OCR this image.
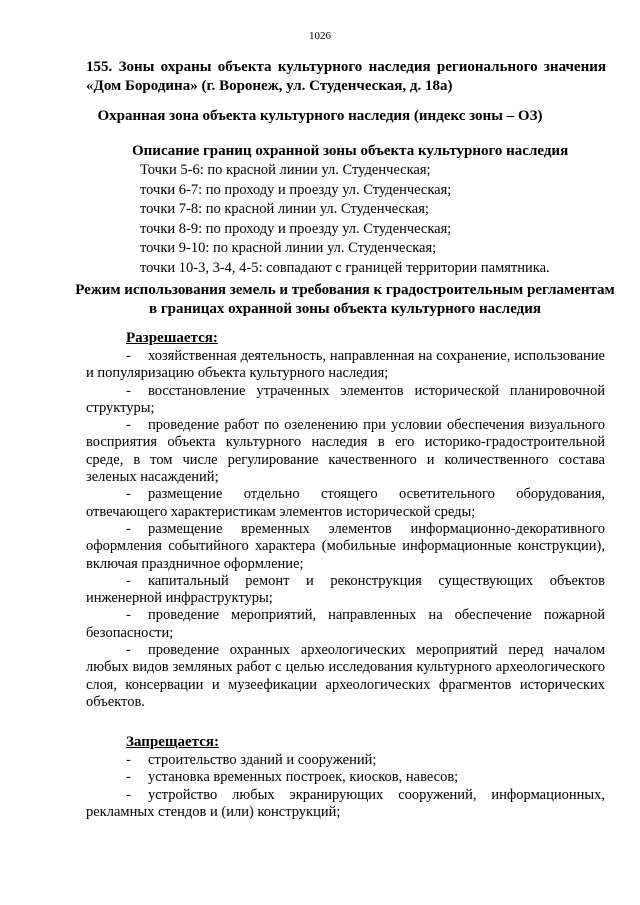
1026
155. Зоны охраны объекта культурного наследия регионального значения «Дом Бородина» (г. Воронеж, ул. Студенческая, д. 18а)
Охранная зона объекта культурного наследия (индекс зоны – ОЗ)
Описание границ охранной зоны объекта культурного наследия
Точки 5-6: по красной линии ул. Студенческая;
точки 6-7: по проходу и проезду ул. Студенческая;
точки 7-8: по красной линии ул. Студенческая;
точки 8-9: по проходу и проезду ул. Студенческая;
точки 9-10: по красной линии ул. Студенческая;
точки 10-3, 3-4, 4-5: совпадают с границей территории памятника.
Режим использования земель и требования к градостроительным регламентам в границах охранной зоны объекта культурного наследия
Разрешается:
- хозяйственная деятельность, направленная на сохранение, использование и популяризацию объекта культурного наследия;
- восстановление утраченных элементов исторической планировочной структуры;
- проведение работ по озеленению при условии обеспечения визуального восприятия объекта культурного наследия в его историко-градостроительной среде, в том числе регулирование качественного и количественного состава зеленых насаждений;
- размещение отдельно стоящего осветительного оборудования, отвечающего характеристикам элементов исторической среды;
- размещение временных элементов информационно-декоративного оформления событийного характера (мобильные информационные конструкции), включая праздничное оформление;
- капитальный ремонт и реконструкция существующих объектов инженерной инфраструктуры;
- проведение мероприятий, направленных на обеспечение пожарной безопасности;
- проведение охранных археологических мероприятий перед началом любых видов земляных работ с целью исследования культурного археологического слоя, консервации и музеефикации археологических фрагментов исторических объектов.
Запрещается:
- строительство зданий и сооружений;
- установка временных построек, киосков, навесов;
- устройство любых экранирующих сооружений, информационных, рекламных стендов и (или) конструкций;
